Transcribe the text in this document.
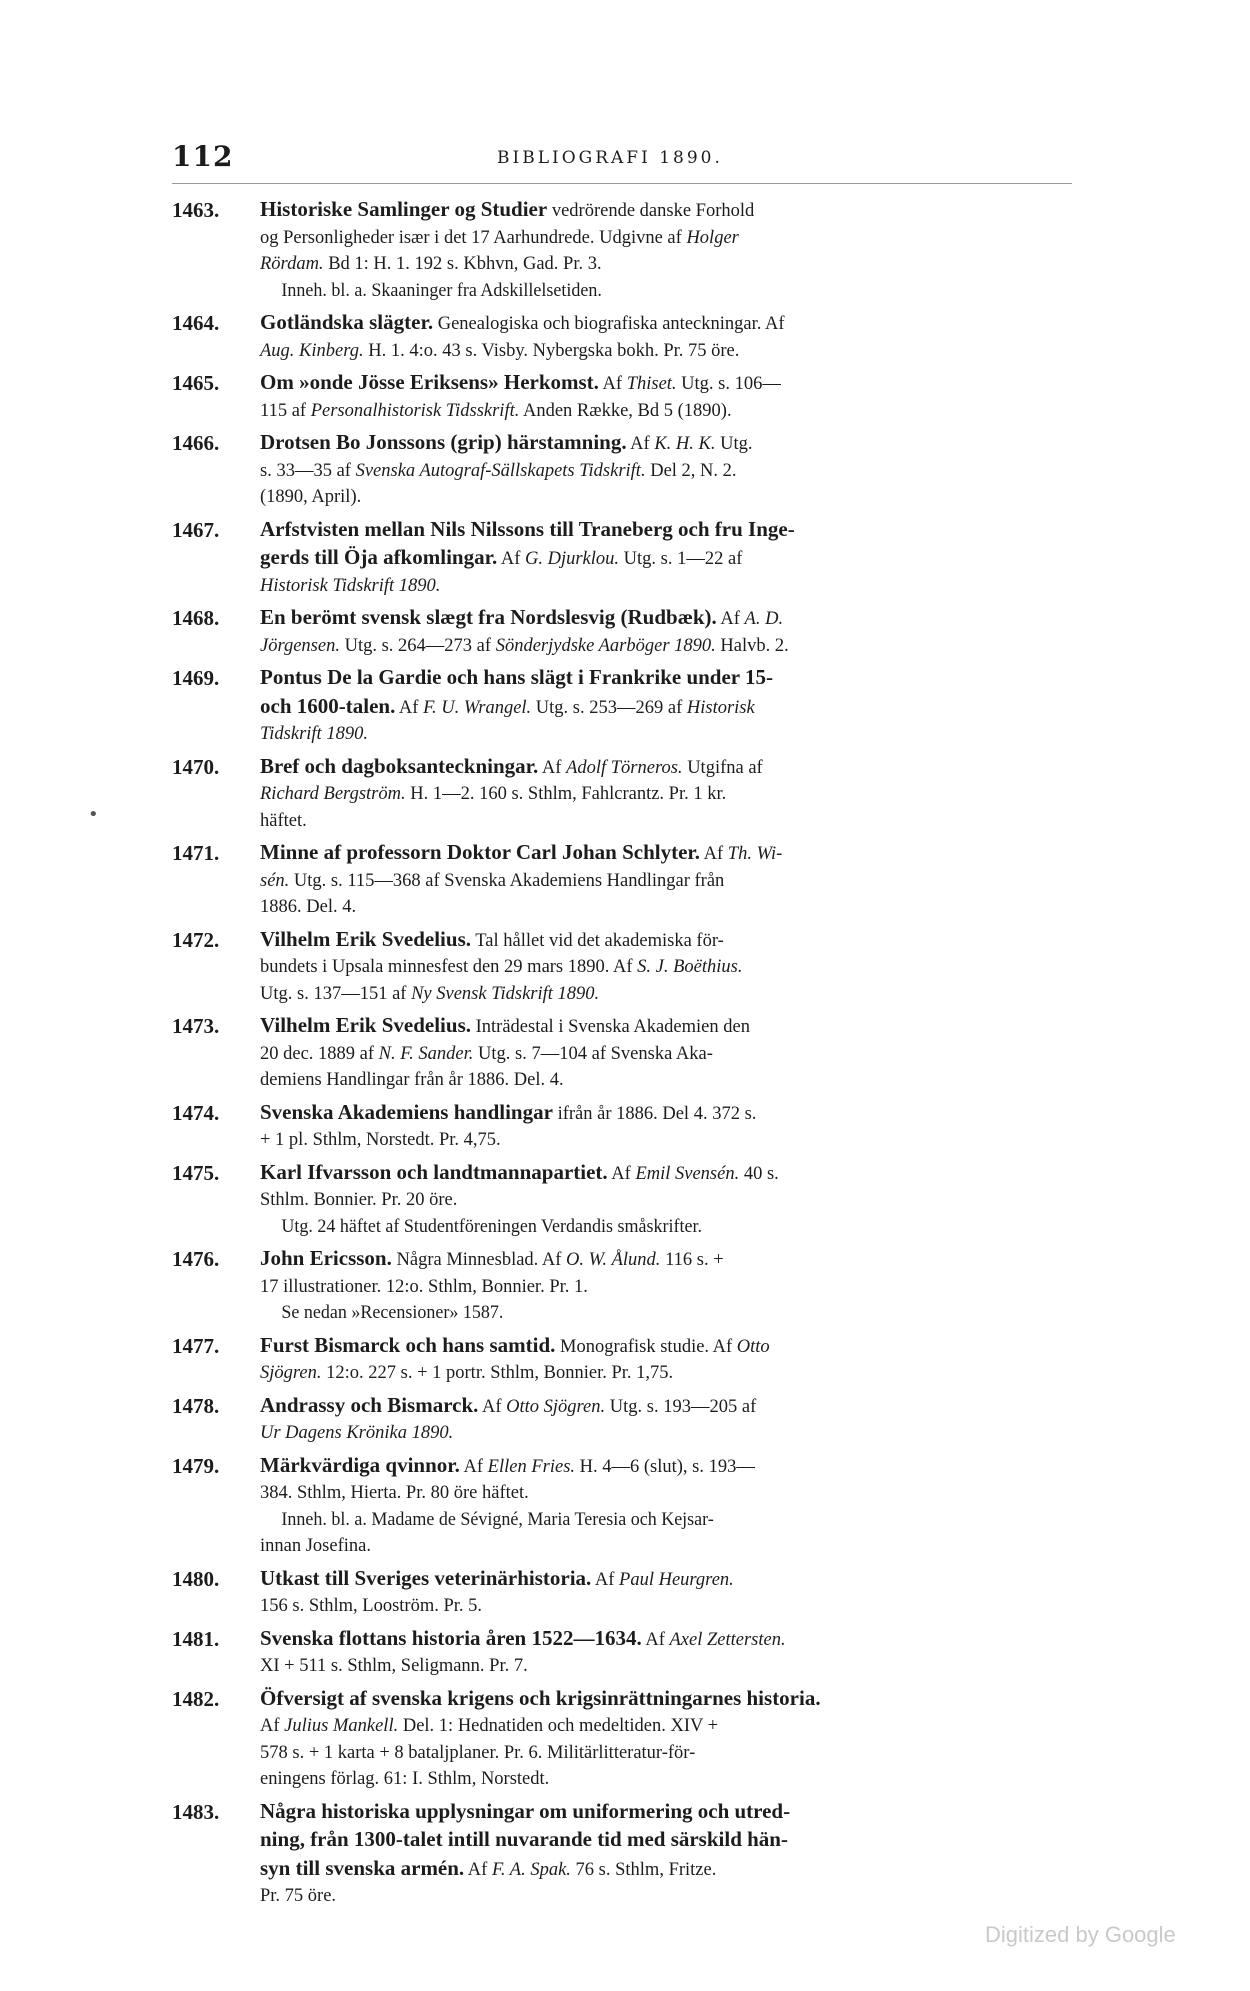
112	BIBLIOGRAFI 1890.
•
1463. Historiske Samlinger og Studier vedrörende danske Forhold
og Personligheder især i det 17 Aarhundrede. Udgivne af Holger
Rördam. Bd 1: H. 1. 192 s. Kbhvn, Gad. Pr. 3.
Inneh. bl. a. Skaaninger fra Adskillelsetiden.
1464. Gotländska slägter. Genealogiska och biografiska anteckningar. Af
Aug. Kinberg. H. 1. 4:o. 43 s. Visby. Nybergska bokh. Pr. 75 öre.
1465. Om »onde Jösse Eriksens» Herkomst. Af Thiset. Utg. s. 106—
115 af Personalhistorisk Tidsskrift. Anden Række, Bd 5 (1890).
1466. Drotsen Bo Jonssons (grip) härstamning. Af K. H. K. Utg.
s. 33—35 af Svenska Autograf-Sällskapets Tidskrift. Del 2, N. 2.
(1890, April).
1467. Arfstvisten mellan Nils Nilssons till Traneberg och fru Inge-
gerds till Öja afkomlingar. Af G. Djurklou. Utg. s. 1—22 af
Historisk Tidskrift 1890.
1468. En berömt svensk slægt fra Nordslesvig (Rudbæk). Af A. D.
Jörgensen. Utg. s. 264—273 af Sönderjydske Aarböger 1890. Halvb. 2.
1469. Pontus De la Gardie och hans slägt i Frankrike under 15-
och 1600-talen. Af F. U. Wrangel. Utg. s. 253—269 af Historisk
Tidskrift 1890.
1470. Bref och dagboksanteckningar. Af Adolf Törneros. Utgifna af
Richard Bergström. H. 1—2. 160 s. Sthlm, Fahlcrantz. Pr. 1 kr.
häftet.
1471. Minne af professorn Doktor Carl Johan Schlyter. Af Th. Wi-
sén. Utg. s. 115—368 af Svenska Akademiens Handlingar från
1886. Del. 4.
1472. Vilhelm Erik Svedelius. Tal hållet vid det akademiska för-
bundets i Upsala minnesfest den 29 mars 1890. Af S. J. Boëthius.
Utg. s. 137—151 af Ny Svensk Tidskrift 1890.
1473. Vilhelm Erik Svedelius. Inträdestal i Svenska Akademien den
20 dec. 1889 af N. F. Sander. Utg. s. 7—104 af Svenska Aka-
demiens Handlingar från år 1886. Del. 4.
1474. Svenska Akademiens handlingar ifrån år 1886. Del 4. 372 s.
+ 1 pl. Sthlm, Norstedt. Pr. 4,75.
1475. Karl Ifvarsson och landtmannapartiet. Af Emil Svensén. 40 s.
Sthlm. Bonnier. Pr. 20 öre.
Utg. 24 häftet af Studentföreningen Verdandis småskrifter.
1476. John Ericsson. Några Minnesblad. Af O. W. Ålund. 116 s. +
17 illustrationer. 12:o. Sthlm, Bonnier. Pr. 1.
Se nedan »Recensioner» 1587.
1477. Furst Bismarck och hans samtid. Monografisk studie. Af Otto
Sjögren. 12:o. 227 s. + 1 portr. Sthlm, Bonnier. Pr. 1,75.
1478. Andrassy och Bismarck. Af Otto Sjögren. Utg. s. 193—205 af
Ur Dagens Krönika 1890.
1479. Märkvärdiga qvinnor. Af Ellen Fries. H. 4—6 (slut), s. 193—
384. Sthlm, Hierta. Pr. 80 öre häftet.
Inneh. bl. a. Madame de Sévigné, Maria Teresia och Kejsar-
innan Josefina.
1480. Utkast till Sveriges veterinärhistoria. Af Paul Heurgren.
156 s. Sthlm, Looström. Pr. 5.
1481. Svenska flottans historia åren 1522—1634. Af Axel Zettersten.
XI + 511 s. Sthlm, Seligmann. Pr. 7.
1482. Öfversigt af svenska krigens och krigsinrättningarnes historia.
Af Julius Mankell. Del. 1: Hednatiden och medeltiden. XIV +
578 s. + 1 karta + 8 bataljplaner. Pr. 6. Militärlitteratur-för-
eningens förlag. 61: I. Sthlm, Norstedt.
1483. Några historiska upplysningar om uniformering och utred-
ning, från 1300-talet intill nuvarande tid med särskild hän-
syn till svenska armén. Af F. A. Spak. 76 s. Sthlm, Fritze.
Pr. 75 öre.
Digitized by Google
